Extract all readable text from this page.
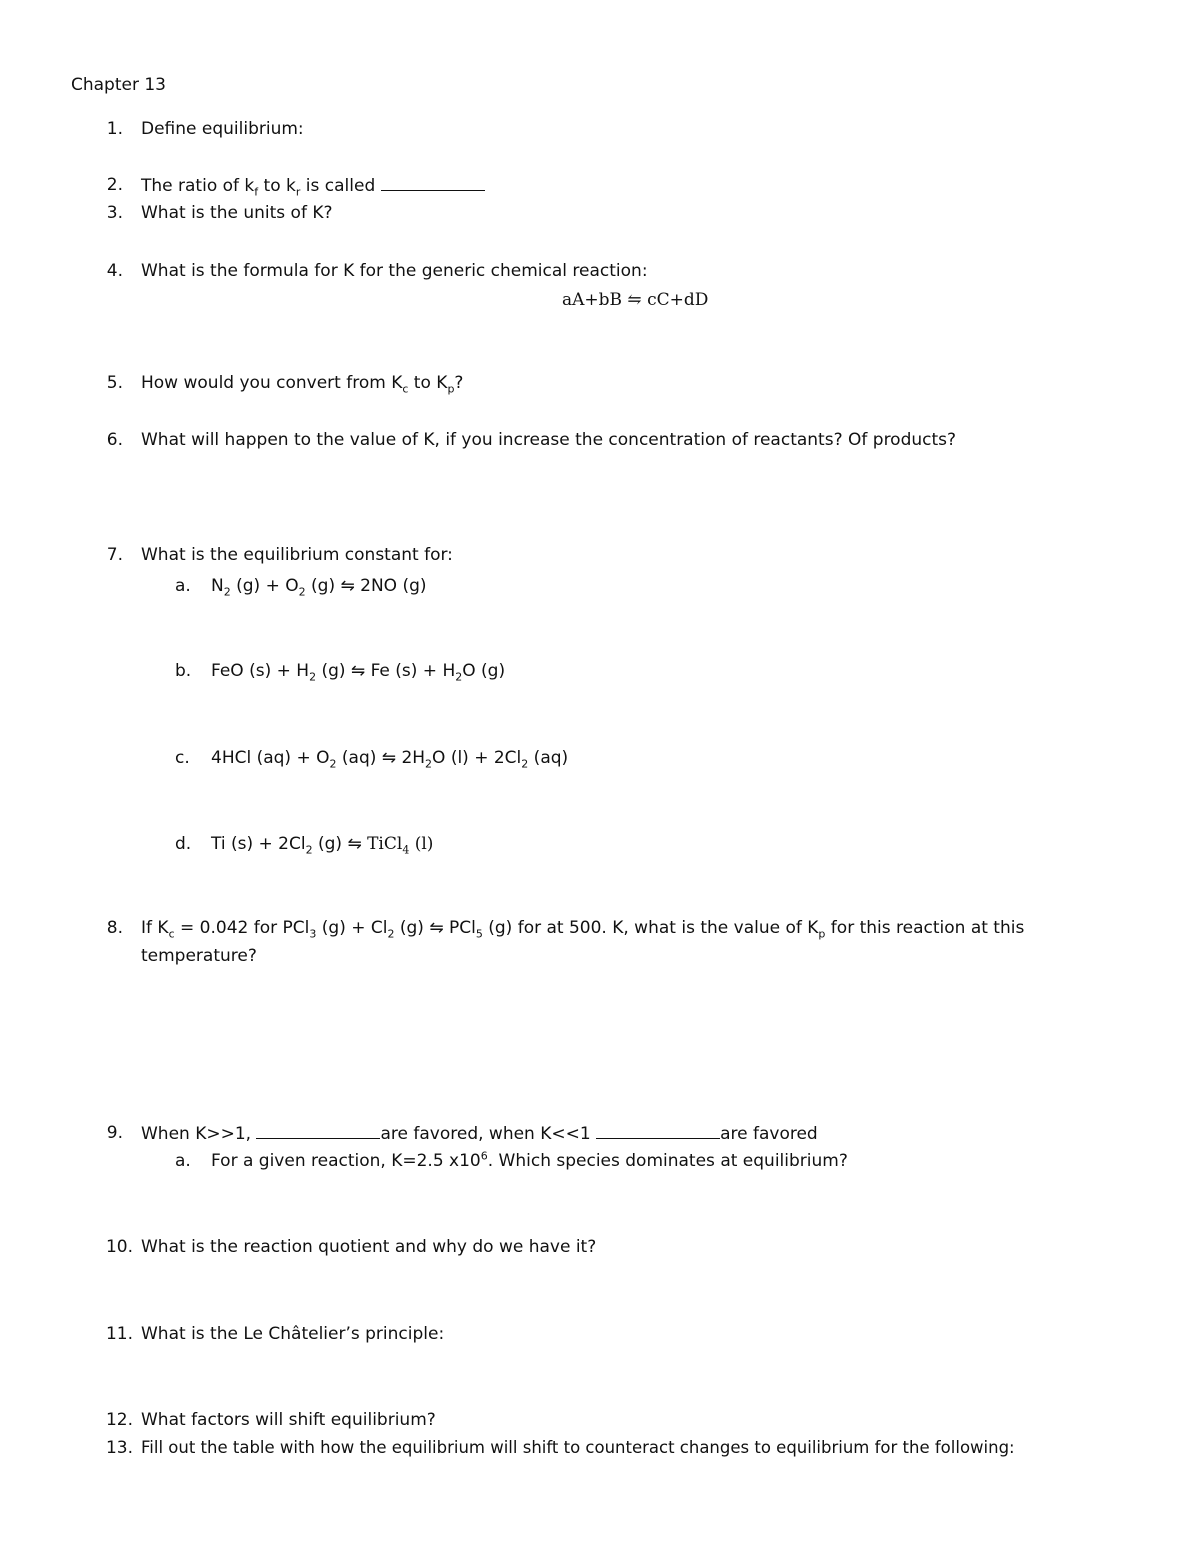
Chapter 13
1. Define equilibrium:
2. The ratio of $k_f$ to $k_r$ is called
3. What is the units of K?
4. What is the formula for K for the generic chemical reaction:
aA+bB ⇋ cC+dD
5. How would you convert from $K_c$ to $K_p$?
6. What will happen to the value of K, if you increase the concentration of reactants? Of products?
7. What is the equilibrium constant for:
a. $N_2$ $(g) + O_2$ (g) ⇋ 2NO (g)
b. FeO $(s) + H_2$ (g) ⇋ Fe $(s) + H_2O$ (g)
c. 4HCl $(aq) + O_2$ (aq) ⇋ $2H_2O$ $(l) + 2Cl_2$ (aq)
d. Ti $(s) + 2Cl_2$ (g) ⇋ TiCl$_4$ (l)
8. If $K_c = 0.042$ for PCl$_3$ $(g) + Cl_2$ (g) ⇋ PCl$_5$ (g) for at 500. K, what is the value of $K_p$ for this reaction at this
temperature?
9. When K>>1,	are favored, when K<<1	are favored
a. For a given reaction, K=2.5 $x10^6$. Which species dominates at equilibrium?
10. What is the reaction quotient and why do we have it?
11. What is the Le Châtelier’s principle:
12. What factors will shift equilibrium?
13. Fill out the table with how the equilibrium will shift to counteract changes to equilibrium for the following:
